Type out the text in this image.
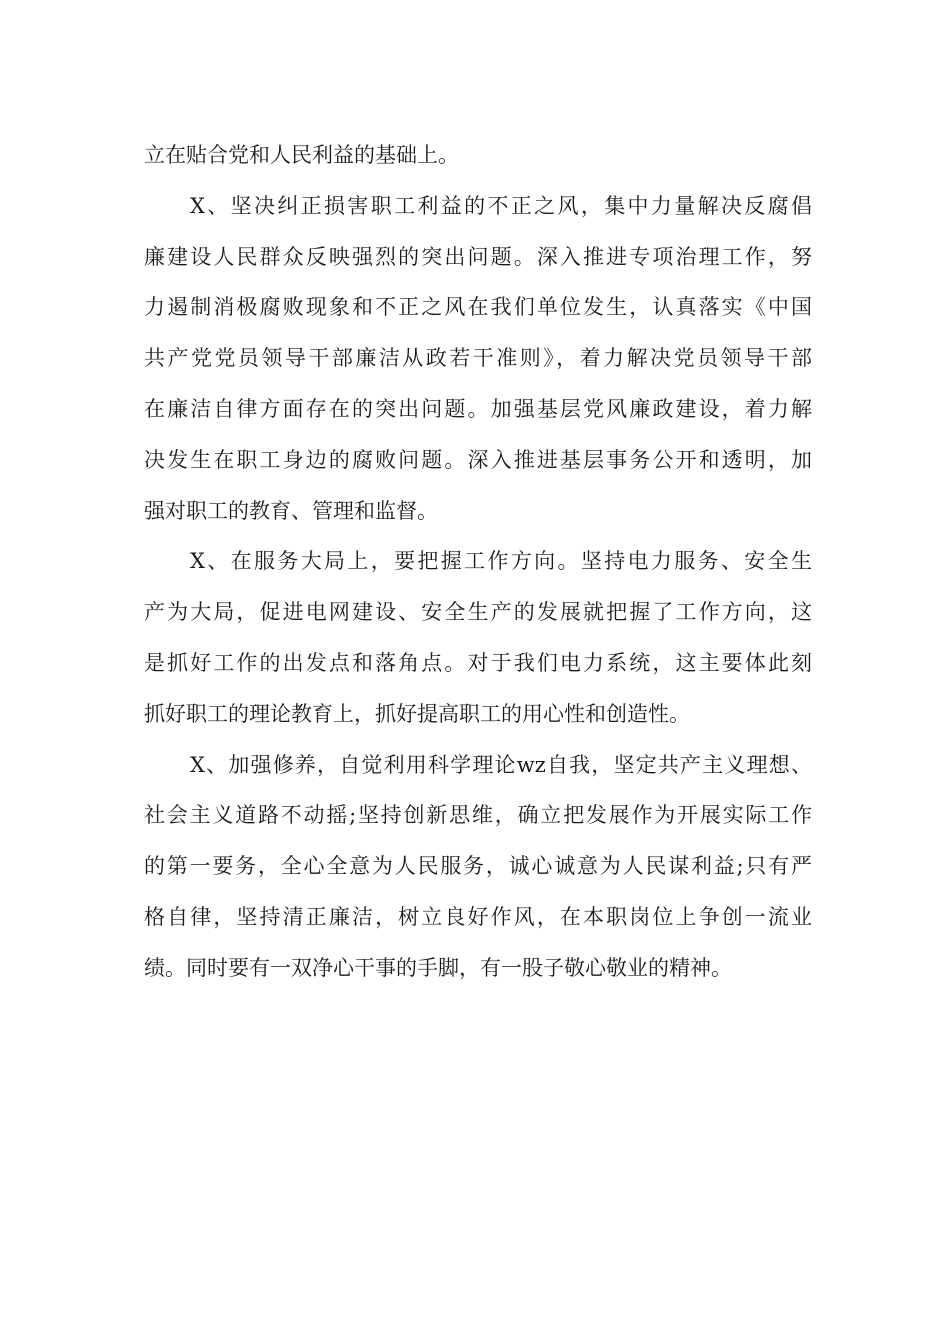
立在贴合党和人民利益的基础上。
X、坚决纠正损害职工利益的不正之风，集中力量解决反腐倡
廉建设人民群众反映强烈的突出问题。深入推进专项治理工作，努
力遏制消极腐败现象和不正之风在我们单位发生，认真落实《中国
共产党党员领导干部廉洁从政若干准则》，着力解决党员领导干部
在廉洁自律方面存在的突出问题。加强基层党风廉政建设，着力解
决发生在职工身边的腐败问题。深入推进基层事务公开和透明，加
强对职工的教育、管理和监督。
X、在服务大局上，要把握工作方向。坚持电力服务、安全生
产为大局，促进电网建设、安全生产的发展就把握了工作方向，这
是抓好工作的出发点和落角点。对于我们电力系统，这主要体此刻
抓好职工的理论教育上，抓好提高职工的用心性和创造性。
X、加强修养，自觉利用科学理论wz自我，坚定共产主义理想、
社会主义道路不动摇;坚持创新思维，确立把发展作为开展实际工作
的第一要务，全心全意为人民服务，诚心诚意为人民谋利益;只有严
格自律，坚持清正廉洁，树立良好作风，在本职岗位上争创一流业
绩。同时要有一双净心干事的手脚，有一股子敬心敬业的精神。
